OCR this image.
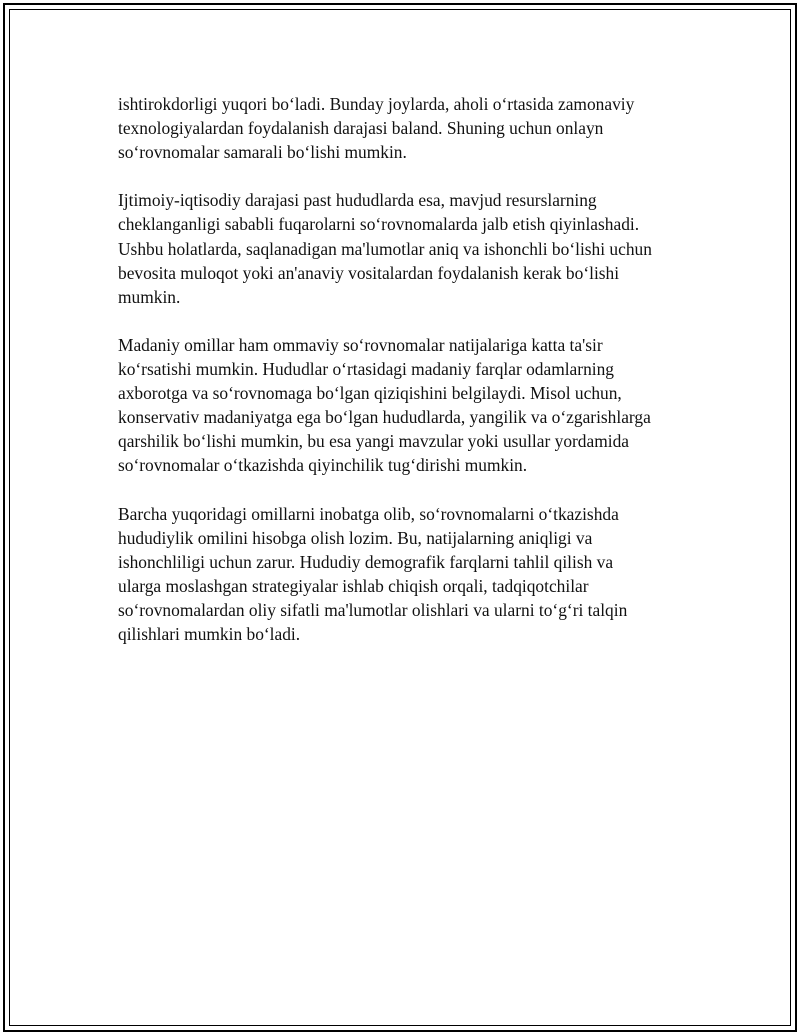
ishtirokdorligi yuqori bo‘ladi. Bunday joylarda, aholi o‘rtasida zamonaviy
texnologiyalardan foydalanish darajasi baland. Shuning uchun onlayn
so‘rovnomalar samarali bo‘lishi mumkin.

Ijtimoiy-iqtisodiy darajasi past hududlarda esa, mavjud resurslarning
cheklanganligi sababli fuqarolarni so‘rovnomalarda jalb etish qiyinlashadi.
Ushbu holatlarda, saqlanadigan ma'lumotlar aniq va ishonchli bo‘lishi uchun
bevosita muloqot yoki an'anaviy vositalardan foydalanish kerak bo‘lishi
mumkin.

Madaniy omillar ham ommaviy so‘rovnomalar natijalariga katta ta'sir
ko‘rsatishi mumkin. Hududlar o‘rtasidagi madaniy farqlar odamlarning
axborotga va so‘rovnomaga bo‘lgan qiziqishini belgilaydi. Misol uchun,
konservativ madaniyatga ega bo‘lgan hududlarda, yangilik va o‘zgarishlarga
qarshilik bo‘lishi mumkin, bu esa yangi mavzular yoki usullar yordamida
so‘rovnomalar o‘tkazishda qiyinchilik tug‘dirishi mumkin.

Barcha yuqoridagi omillarni inobatga olib, so‘rovnomalarni o‘tkazishda
hududiylik omilini hisobga olish lozim. Bu, natijalarning aniqligi va
ishonchliligi uchun zarur. Hududiy demografik farqlarni tahlil qilish va
ularga moslashgan strategiyalar ishlab chiqish orqali, tadqiqotchilar
so‘rovnomalardan oliy sifatli ma'lumotlar olishlari va ularni to‘g‘ri talqin
qilishlari mumkin bo‘ladi.
